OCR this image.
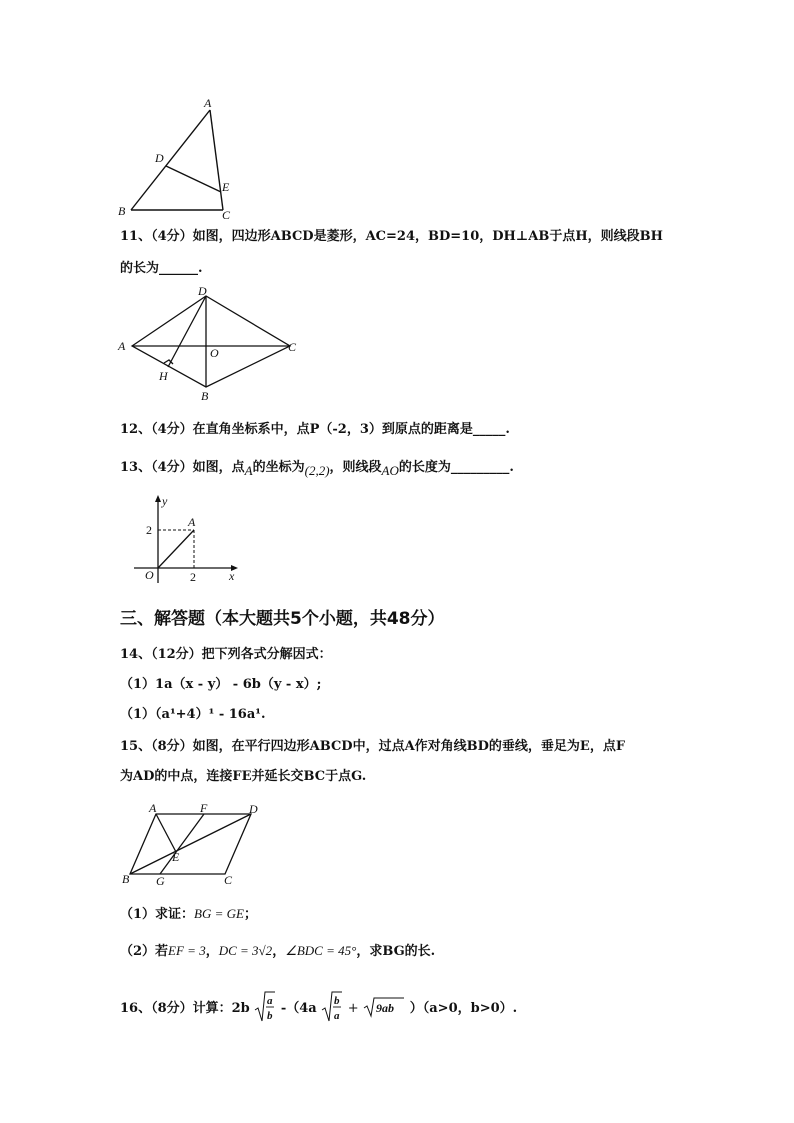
A
B	C
D
E
11、（4分）如图，四边形ABCD是菱形，AC=24，BD=10，DH⊥AB于点H，则线段BH
的长为______.
D
A	C
O
H
B
12、（4分）在直角坐标系中，点P（-2，3）到原点的距离是_____.
13、（4分）如图，点A的坐标为(2,2)，则线段AO的长度为_________.
y
x
O
A
2
2
三、解答题（本大题共5个小题，共48分）
14、（12分）把下列各式分解因式：
（1）1a（x - y） - 6b（y - x）;
（1）（a¹+4）¹ - 16a¹.
15、（8分）如图，在平行四边形ABCD中，过点A作对角线BD的垂线，垂足为E，点F
为AD的中点，连接FE并延长交BC于点G.
A	F	D
E
B G	C
（1）求证：BG = GE；
（2）若EF = 3，DC = 3√2，∠BDC = 45°，求BG的长.
16、（8分）计算：2b a
b
-（4a b
a
+ 9ab ）（a>0，b>0）.
